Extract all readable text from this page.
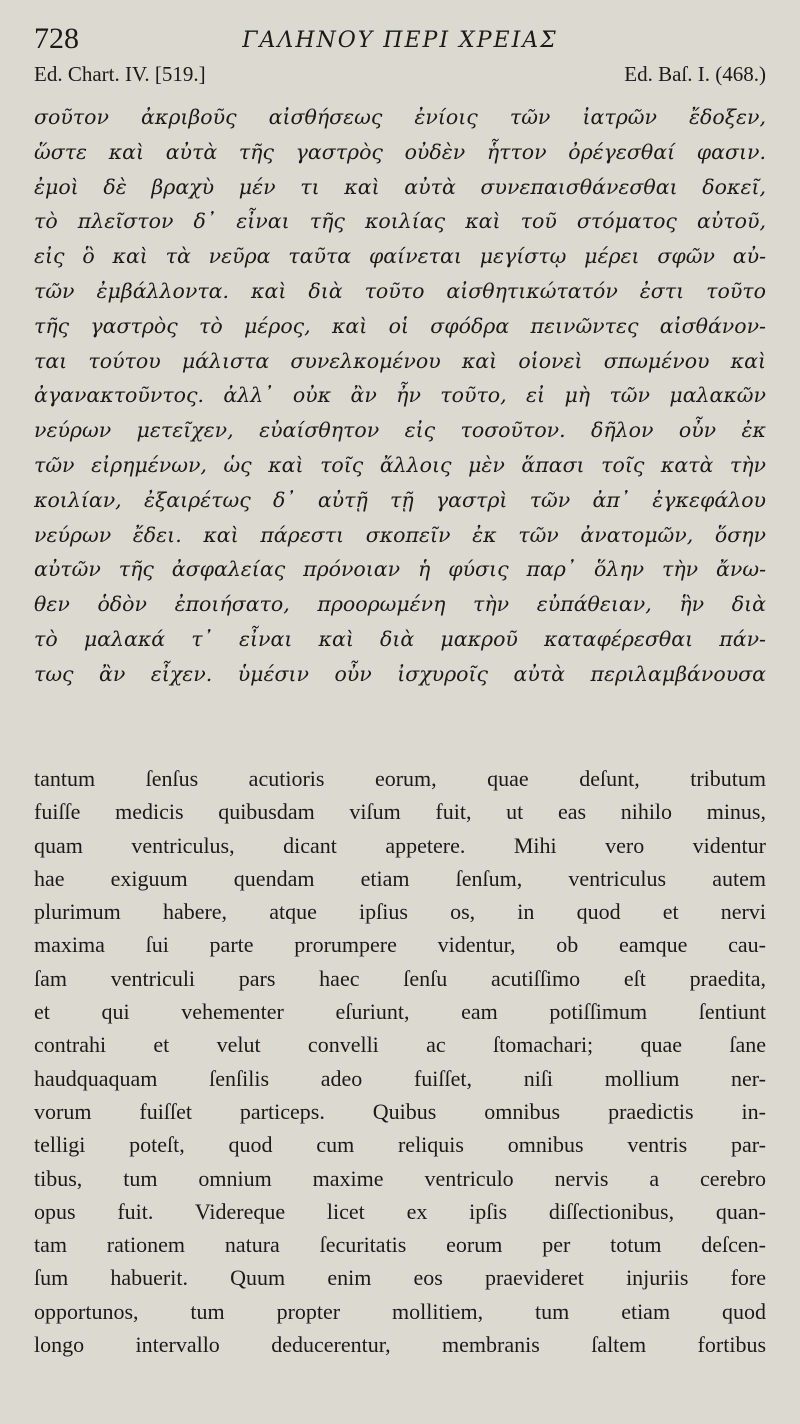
728	ΓΑΛΗΝΟΥ ΠΕΡΙ ΧΡΕΙΑΣ
Ed. Chart. IV. [519.]	Ed. Baſ. I. (468.)
σοῦτον ἀκριβοῦς αἰσθήσεως ἐνίοις τῶν ἰατρῶν ἔδοξεν,
ὥστε καὶ αὐτὰ τῆς γαστρὸς οὐδὲν ἧττον ὀρέγεσθαί φασιν.
ἐμοὶ δὲ βραχὺ μέν τι καὶ αὐτὰ συνεπαισθάνεσθαι δοκεῖ,
τὸ πλεῖστον δ᾽ εἶναι τῆς κοιλίας καὶ τοῦ στόματος αὐτοῦ,
εἰς ὃ καὶ τὰ νεῦρα ταῦτα φαίνεται μεγίστῳ μέρει σφῶν αὐ-
τῶν ἐμβάλλοντα. καὶ διὰ τοῦτο αἰσθητικώτατόν ἐστι τοῦτο
τῆς γαστρὸς τὸ μέρος, καὶ οἱ σφόδρα πεινῶντες αἰσθάνον-
ται τούτου μάλιστα συνελκομένου καὶ οἱονεὶ σπωμένου καὶ
ἀγανακτοῦντος. ἀλλ᾽ οὐκ ἂν ἦν τοῦτο, εἰ μὴ τῶν μαλακῶν
νεύρων μετεῖχεν, εὐαίσθητον εἰς τοσοῦτον. δῆλον οὖν ἐκ
τῶν εἰρημένων, ὡς καὶ τοῖς ἄλλοις μὲν ἅπασι τοῖς κατὰ τὴν
κοιλίαν, ἐξαιρέτως δ᾽ αὐτῇ τῇ γαστρὶ τῶν ἀπ᾽ ἐγκεφάλου
νεύρων ἔδει. καὶ πάρεστι σκοπεῖν ἐκ τῶν ἀνατομῶν, ὅσην
αὐτῶν τῆς ἀσφαλείας πρόνοιαν ἡ φύσις παρ᾽ ὅλην τὴν ἄνω-
θεν ὁδὸν ἐποιήσατο, προορωμένη τὴν εὐπάθειαν, ἣν διὰ
τὸ μαλακά τ᾽ εἶναι καὶ διὰ μακροῦ καταφέρεσθαι πάν-
τως ἂν εἶχεν. ὑμέσιν οὖν ἰσχυροῖς αὐτὰ περιλαμβάνουσα
tantum ſenſus acutioris eorum, quae deſunt, tributum
fuiſſe medicis quibusdam viſum fuit, ut eas nihilo minus,
quam ventriculus, dicant appetere. Mihi vero videntur
hae exiguum quendam etiam ſenſum, ventriculus autem
plurimum habere, atque ipſius os, in quod et nervi
maxima ſui parte prorumpere videntur, ob eamque cau-
ſam ventriculi pars haec ſenſu acutiſſimo eſt praedita,
et qui vehementer eſuriunt, eam potiſſimum ſentiunt
contrahi et velut convelli ac ſtomachari; quae ſane
haudquaquam ſenſilis adeo fuiſſet, niſi mollium ner-
vorum fuiſſet particeps. Quibus omnibus praedictis in-
telligi poteſt, quod cum reliquis omnibus ventris par-
tibus, tum omnium maxime ventriculo nervis a cerebro
opus fuit. Videreque licet ex ipſis diſſectionibus, quan-
tam rationem natura ſecuritatis eorum per totum deſcen-
ſum habuerit. Quum enim eos praevideret injuriis fore
opportunos, tum propter mollitiem, tum etiam quod
longo intervallo deducerentur, membranis ſaltem fortibus
